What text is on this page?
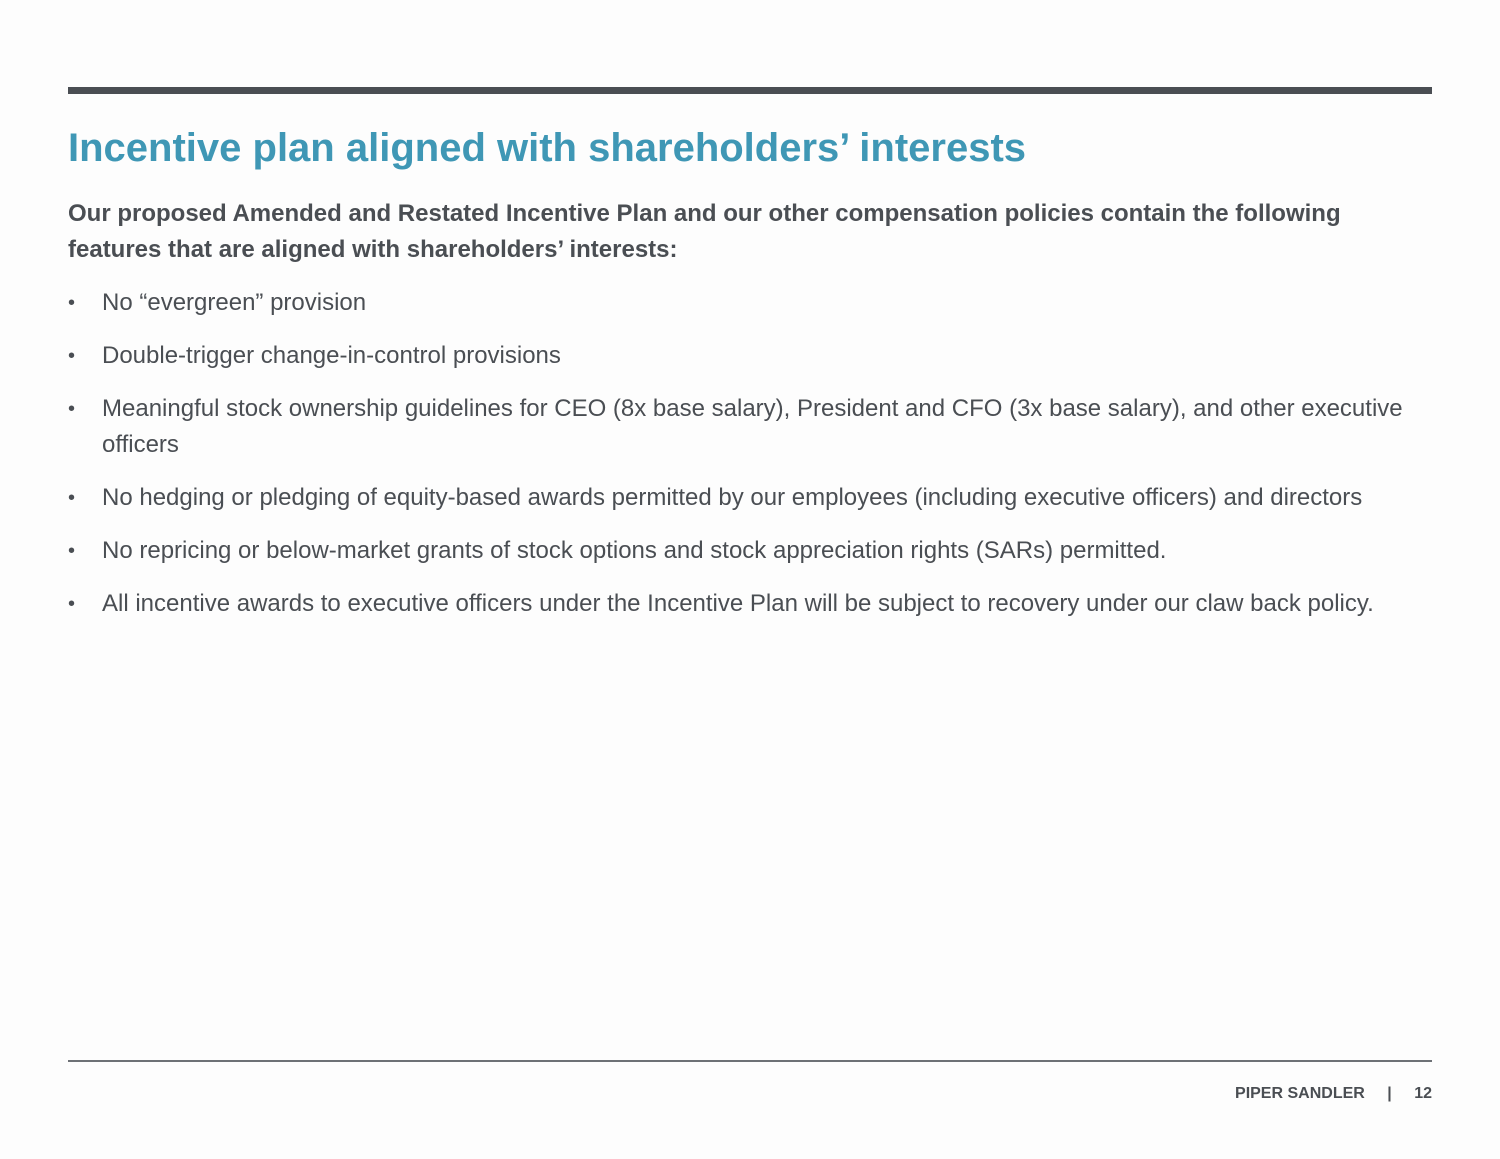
Incentive plan aligned with shareholders’ interests

Our proposed Amended and Restated Incentive Plan and our other compensation policies contain the following features that are aligned with shareholders’ interests:

• No “evergreen” provision
• Double-trigger change-in-control provisions
• Meaningful stock ownership guidelines for CEO (8x base salary), President and CFO (3x base salary), and other executive officers
• No hedging or pledging of equity-based awards permitted by our employees (including executive officers) and directors
• No repricing or below-market grants of stock options and stock appreciation rights (SARs) permitted.
• All incentive awards to executive officers under the Incentive Plan will be subject to recovery under our claw back policy.
PIPER SANDLER | 12
